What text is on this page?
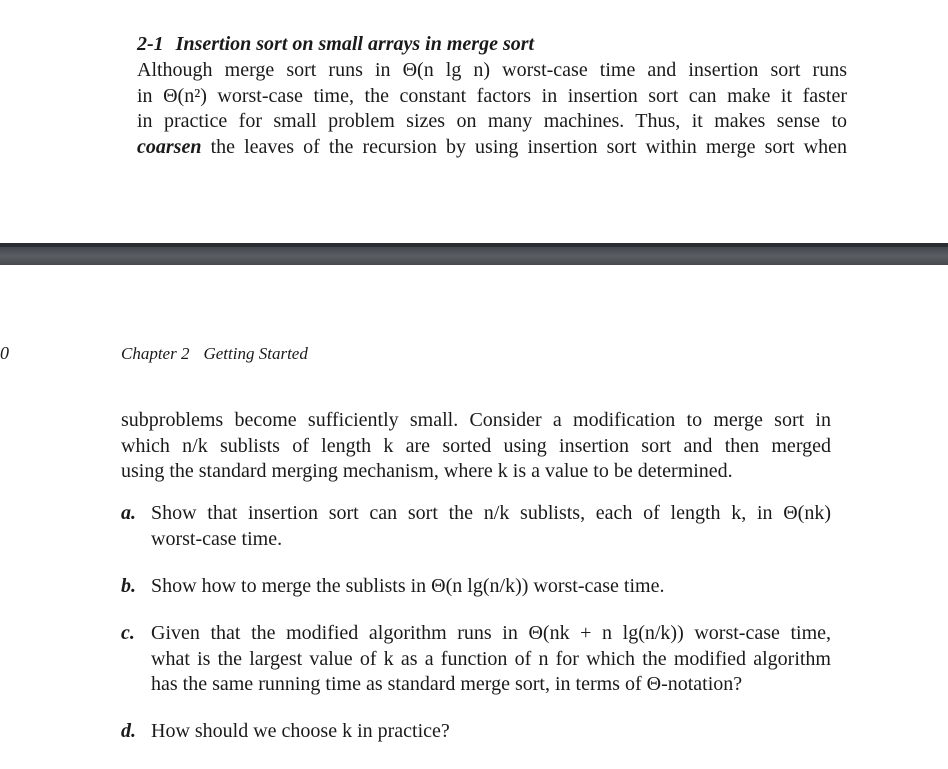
2-1 Insertion sort on small arrays in merge sort
Although merge sort runs in Θ(n lg n) worst-case time and insertion sort runs
in Θ(n²) worst-case time, the constant factors in insertion sort can make it faster
in practice for small problem sizes on many machines. Thus, it makes sense to
coarsen the leaves of the recursion by using insertion sort within merge sort when
0	Chapter 2 Getting Started
subproblems become sufficiently small. Consider a modification to merge sort in
which n/k sublists of length k are sorted using insertion sort and then merged
using the standard merging mechanism, where k is a value to be determined.
a. Show that insertion sort can sort the n/k sublists, each of length k, in Θ(nk)
worst-case time.
b. Show how to merge the sublists in Θ(n lg(n/k)) worst-case time.
c. Given that the modified algorithm runs in Θ(nk + n lg(n/k)) worst-case time,
what is the largest value of k as a function of n for which the modified algorithm
has the same running time as standard merge sort, in terms of Θ-notation?
d. How should we choose k in practice?
